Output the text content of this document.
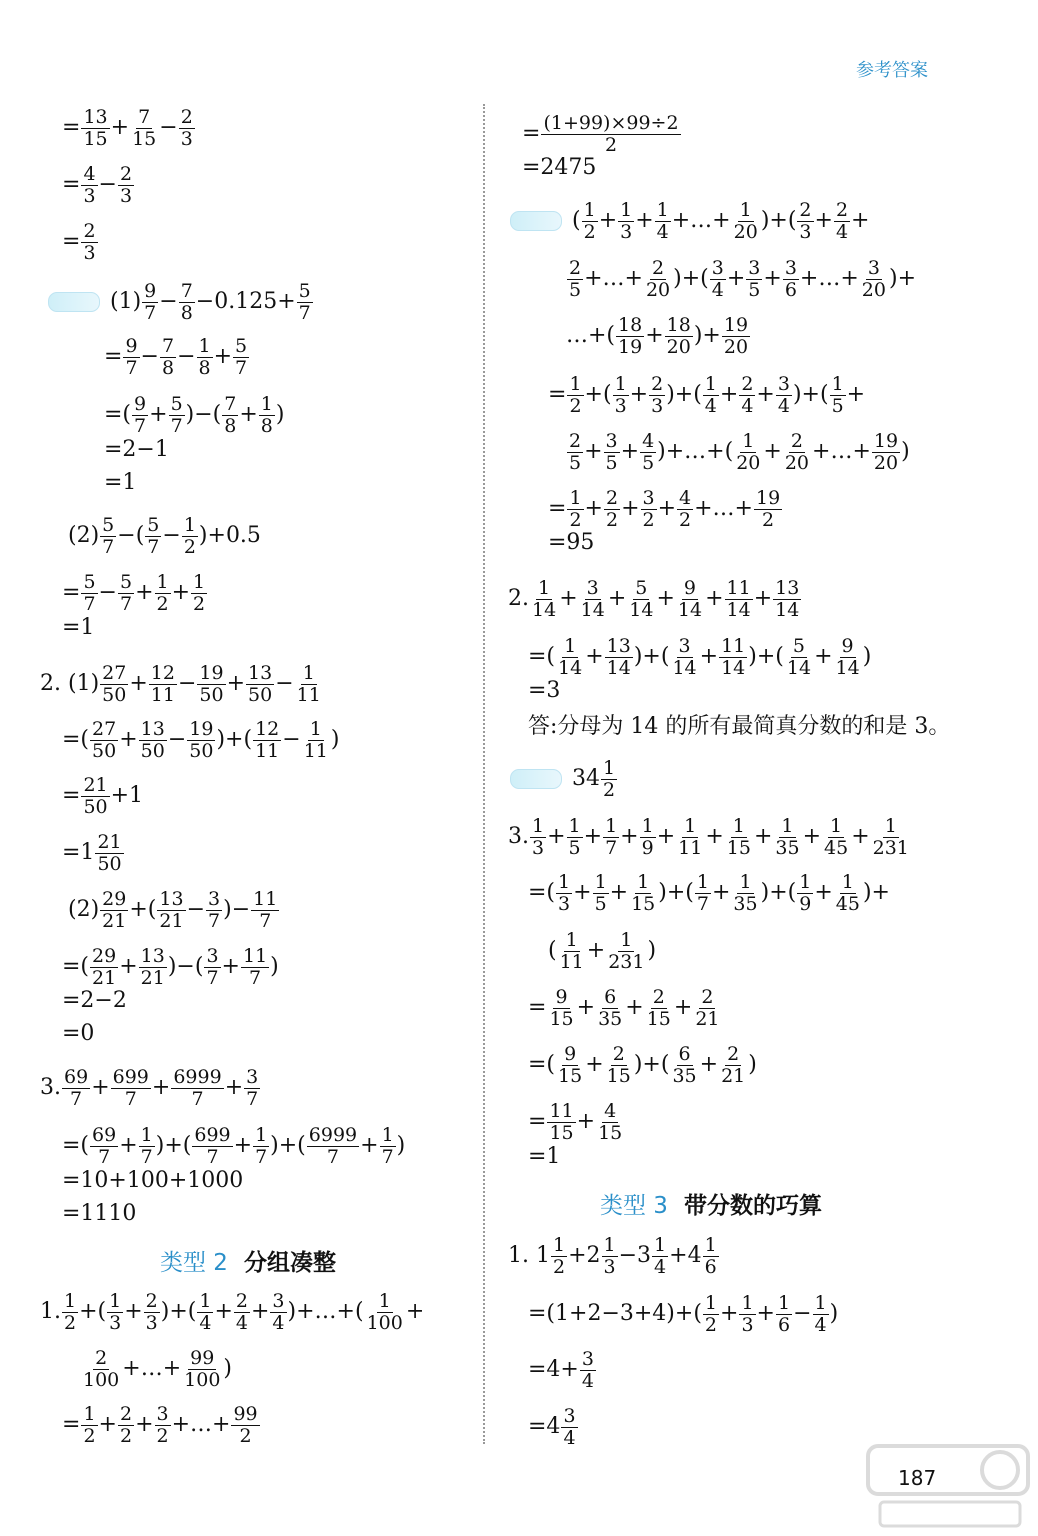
参考答案
类型 2 分组凑整
类型 3 带分数的巧算
= $\frac{13}{15} + \frac{7}{15} - \frac{2}{3}$
= $\frac{4}{3} - \frac{2}{3}$
= $\frac{2}{3}$
$(1) \frac{9}{7} - \frac{7}{8} -0.125+ \frac{5}{7}$
= $\frac{9}{7} - \frac{7}{8} - \frac{1}{8} + \frac{5}{7}$
=( $\frac{9}{7} + \frac{5}{7}$ )−( $\frac{7}{8} + \frac{1}{8}$ )
=2−1
=1
$(2) \frac{5}{7}$ −( $\frac{5}{7} - \frac{1}{2} )+0.5$
= $\frac{5}{7} - \frac{5}{7} + \frac{1}{2} + \frac{1}{2}$
=1
2. $(1) \frac{27}{50} + \frac{12}{11} - \frac{19}{50} + \frac{13}{50} - \frac{1}{11}$
=( $\frac{27}{50} + \frac{13}{50} - \frac{19}{50}$ )+( $\frac{12}{11} - \frac{1}{11}$ )
= $\frac{21}{50} +1$
$=1 \frac{21}{50}$
$(2) \frac{29}{21}$ +( $\frac{13}{21} - \frac{3}{7}$ )− $\frac{11}{7}$
=( $\frac{29}{21} + \frac{13}{21}$ )−( $\frac{3}{7} + \frac{11}{7}$ )
=2−2
=0
3. $\frac{69}{7} + \frac{699}{7} + \frac{6999}{7} + \frac{3}{7}$
=( $\frac{69}{7} + \frac{1}{7}$ )+( $\frac{699}{7} + \frac{1}{7}$ )+( $\frac{6999}{7} + \frac{1}{7}$ )
=10+100+1000
=1110
1. $\frac{1}{2}$ +( $\frac{1}{3} + \frac{2}{3}$ )+( $\frac{1}{4} + \frac{2}{4} + \frac{3}{4}$ )+…+( $\frac{1}{100}$ +
$\frac{2}{100}$ +…+ $\frac{99}{100}$ )
= $\frac{1}{2} + \frac{2}{2} + \frac{3}{2}$ +…+ $\frac{99}{2}$
= $\frac{(1+99)\times 99\div 2}{2}$
=2475
( $\frac{1}{2} + \frac{1}{3} + \frac{1}{4}$ +…+ $\frac{1}{20}$ )+( $\frac{2}{3} + \frac{2}{4}$ +
$\frac{2}{5}$ +…+ $\frac{2}{20}$ )+( $\frac{3}{4} + \frac{3}{5} + \frac{3}{6}$ +…+ $\frac{3}{20}$ )+
…+( $\frac{18}{19} + \frac{18}{20}$ )+ $\frac{19}{20}$
= $\frac{1}{2}$ +( $\frac{1}{3} + \frac{2}{3}$ )+( $\frac{1}{4} + \frac{2}{4} + \frac{3}{4}$ )+( $\frac{1}{5}$ +
$\frac{2}{5} + \frac{3}{5} + \frac{4}{5}$ )+…+( $\frac{1}{20} + \frac{2}{20}$ +…+ $\frac{19}{20}$ )
= $\frac{1}{2} + \frac{2}{2} + \frac{3}{2} + \frac{4}{2}$ +…+ $\frac{19}{2}$
=95
2. $\frac{1}{14} + \frac{3}{14} + \frac{5}{14} + \frac{9}{14} + \frac{11}{14} + \frac{13}{14}$
=( $\frac{1}{14} + \frac{13}{14}$ )+( $\frac{3}{14} + \frac{11}{14}$ )+( $\frac{5}{14} + \frac{9}{14}$ )
=3
答:分母为 14 的所有最简真分数的和是 3。
$34 \frac{1}{2}$
3. $\frac{1}{3} + \frac{1}{5} + \frac{1}{7} + \frac{1}{9} + \frac{1}{11} + \frac{1}{15} + \frac{1}{35} + \frac{1}{45} + \frac{1}{231}$
=( $\frac{1}{3} + \frac{1}{5} + \frac{1}{15}$ )+( $\frac{1}{7} + \frac{1}{35}$ )+( $\frac{1}{9} + \frac{1}{45}$ )+
( $\frac{1}{11} + \frac{1}{231}$ )
= $\frac{9}{15} + \frac{6}{35} + \frac{2}{15} + \frac{2}{21}$
=( $\frac{9}{15} + \frac{2}{15}$ )+( $\frac{6}{35} + \frac{2}{21}$ )
= $\frac{11}{15} + \frac{4}{15}$
=1
1. $1 \frac{1}{2} +2 \frac{1}{3} -3 \frac{1}{4} +4 \frac{1}{6}$
$=(1+2-3+4)+( \frac{1}{2} + \frac{1}{3} + \frac{1}{6} - \frac{1}{4}$ )
$=4+ \frac{3}{4}$
$=4 \frac{3}{4}$
187
